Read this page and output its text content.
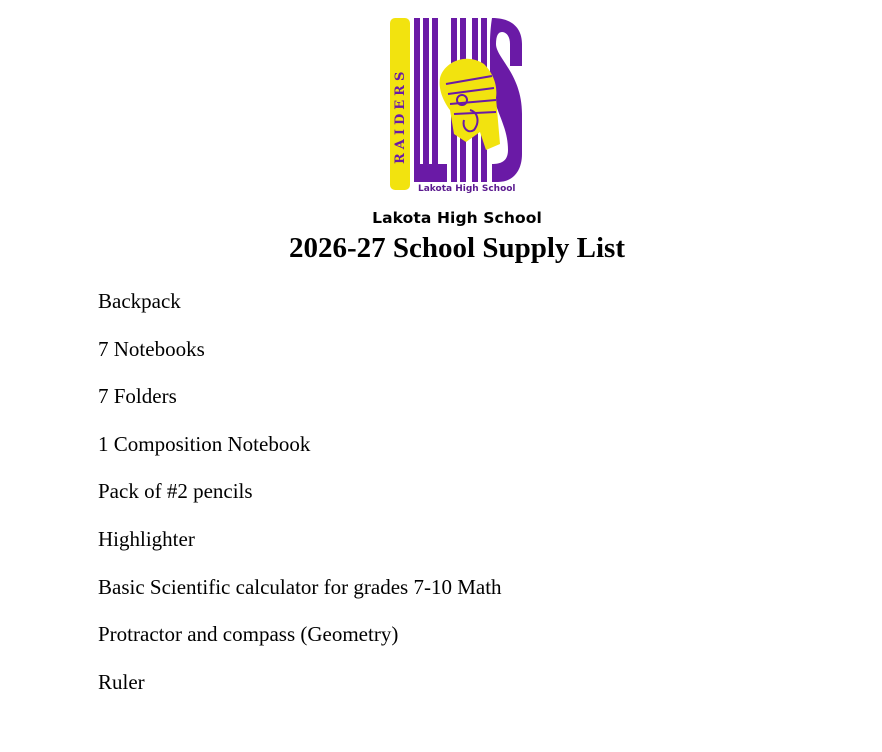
RAIDERS
Lakota High School
Lakota High School
2026-27 School Supply List
Backpack
7 Notebooks
7 Folders
1 Composition Notebook
Pack of #2 pencils
Highlighter
Basic Scientific calculator for grades 7-10 Math
Protractor and compass (Geometry)
Ruler
